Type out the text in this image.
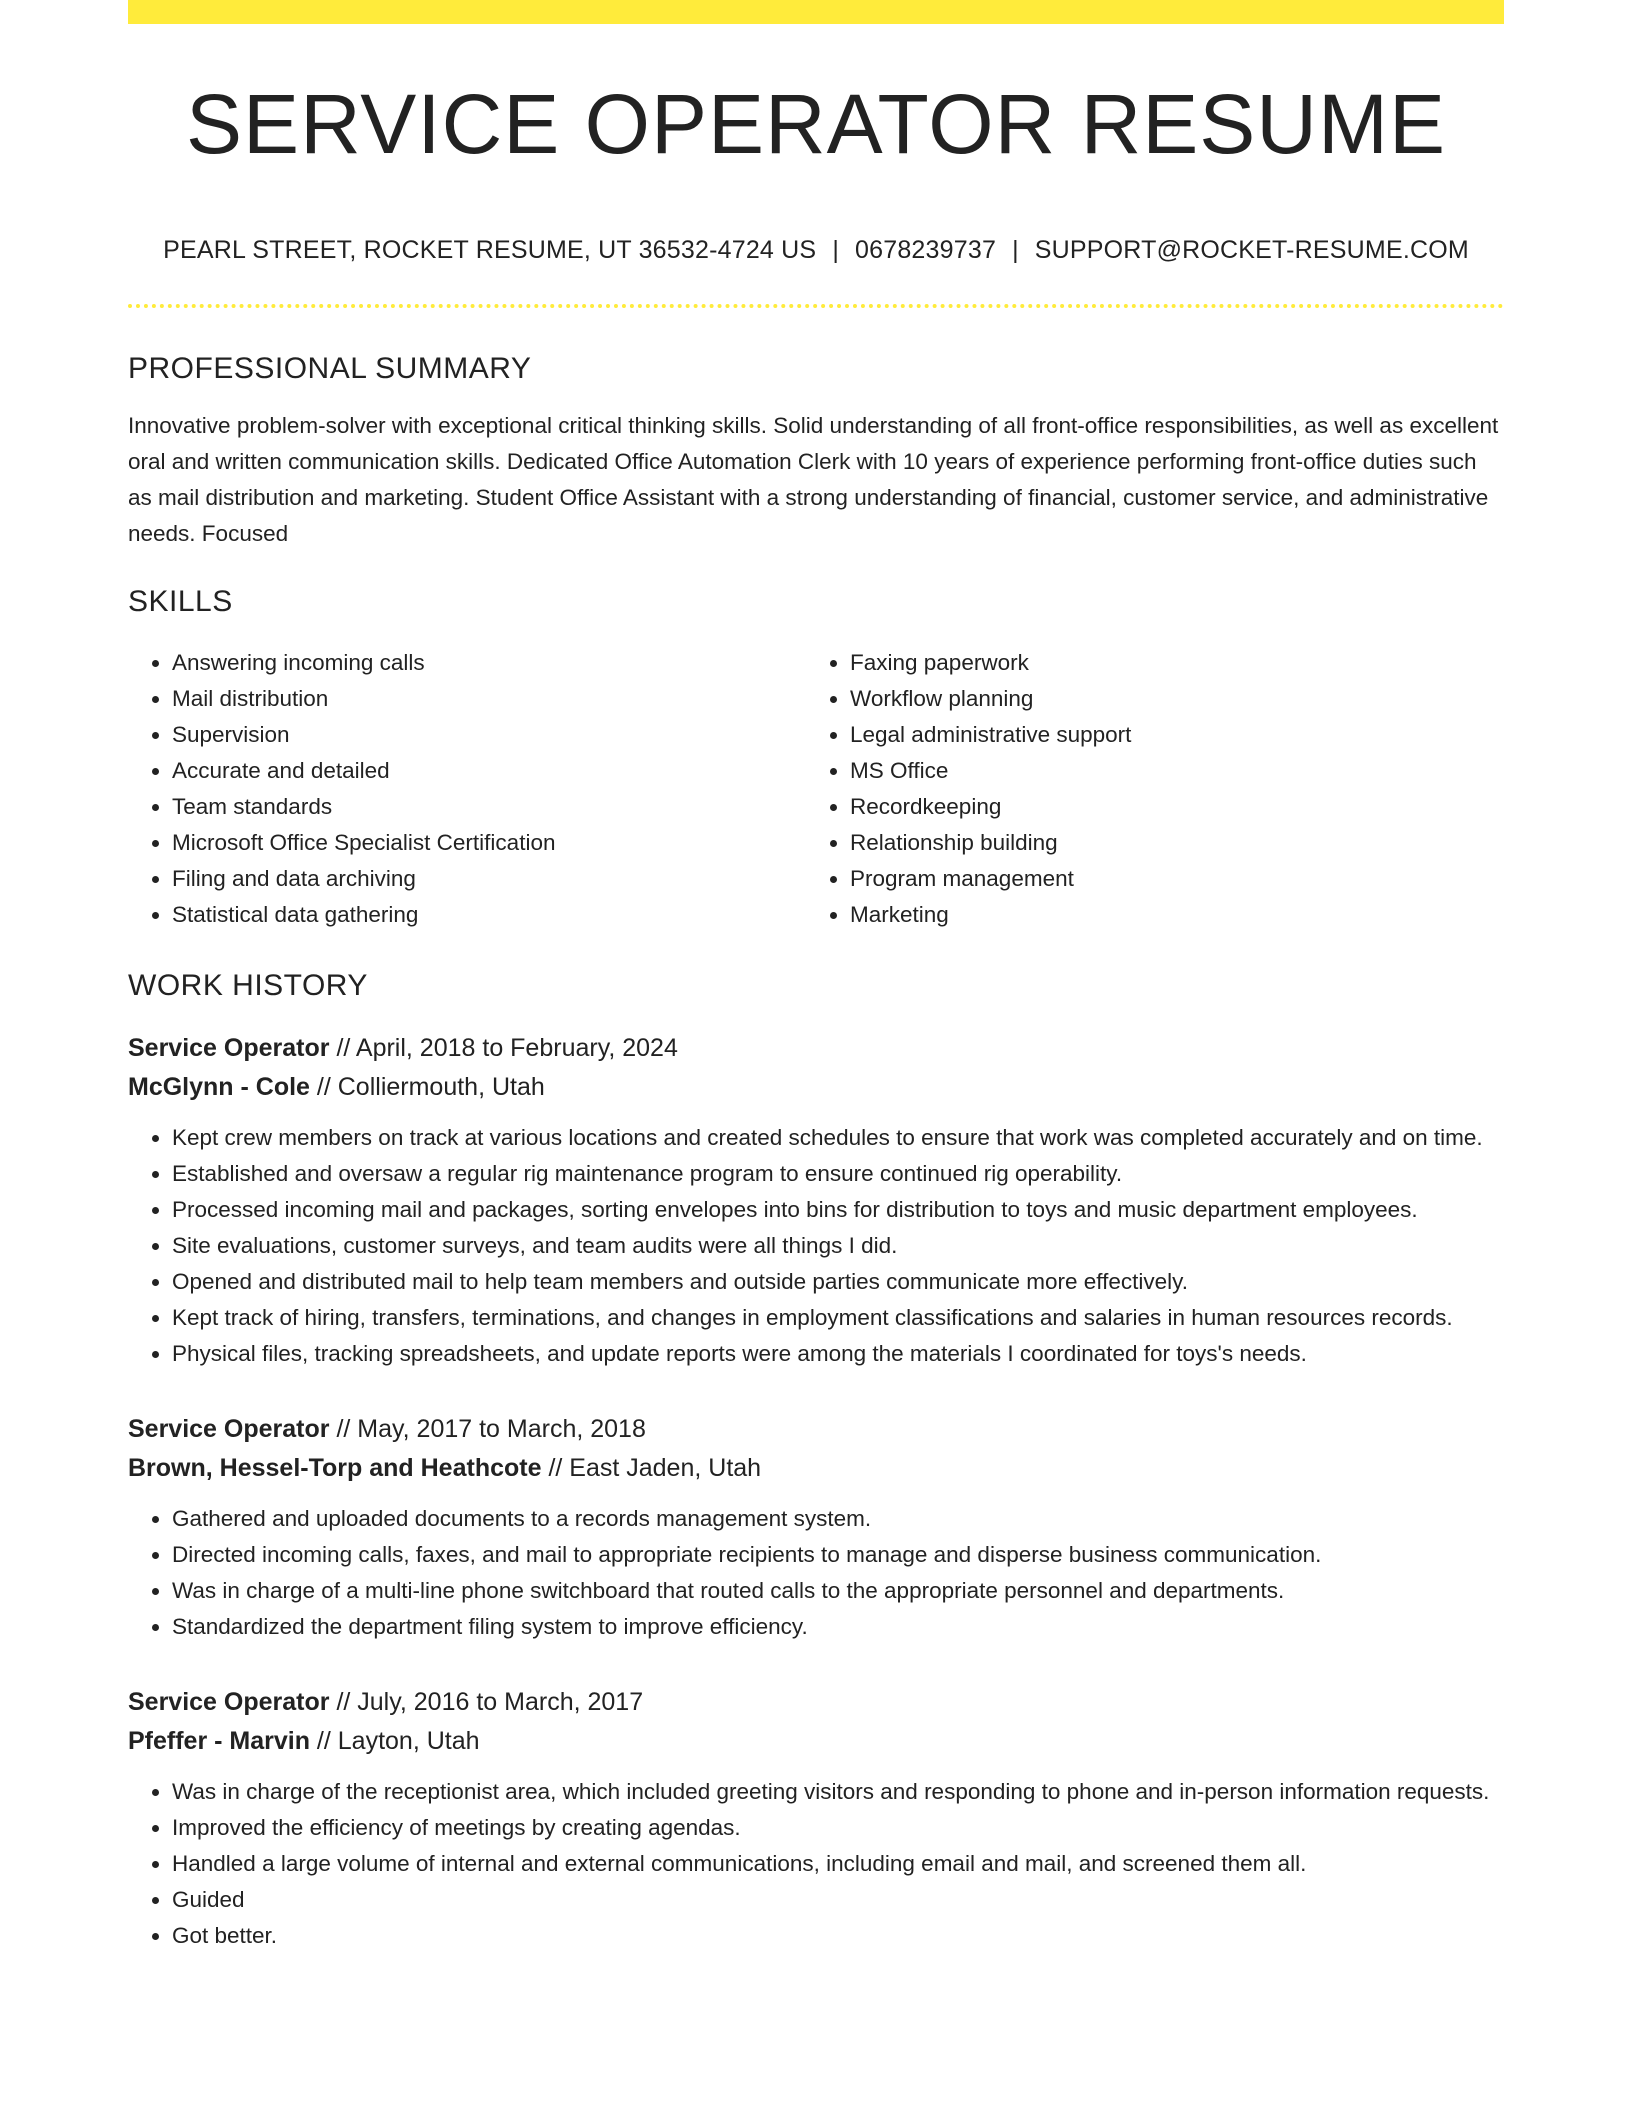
SERVICE OPERATOR RESUME
PEARL STREET, ROCKET RESUME, UT 36532-4724 US | 0678239737 | SUPPORT@ROCKET-RESUME.COM
PROFESSIONAL SUMMARY
Innovative problem-solver with exceptional critical thinking skills. Solid understanding of all front-office responsibilities, as well as excellent oral and written communication skills. Dedicated Office Automation Clerk with 10 years of experience performing front-office duties such as mail distribution and marketing. Student Office Assistant with a strong understanding of financial, customer service, and administrative needs. Focused
SKILLS
• Answering incoming calls
• Mail distribution
• Supervision
• Accurate and detailed
• Team standards
• Microsoft Office Specialist Certification
• Filing and data archiving
• Statistical data gathering
• Faxing paperwork
• Workflow planning
• Legal administrative support
• MS Office
• Recordkeeping
• Relationship building
• Program management
• Marketing
WORK HISTORY
Service Operator // April, 2018 to February, 2024
McGlynn - Cole // Colliermouth, Utah
• Kept crew members on track at various locations and created schedules to ensure that work was completed accurately and on time.
• Established and oversaw a regular rig maintenance program to ensure continued rig operability.
• Processed incoming mail and packages, sorting envelopes into bins for distribution to toys and music department employees.
• Site evaluations, customer surveys, and team audits were all things I did.
• Opened and distributed mail to help team members and outside parties communicate more effectively.
• Kept track of hiring, transfers, terminations, and changes in employment classifications and salaries in human resources records.
• Physical files, tracking spreadsheets, and update reports were among the materials I coordinated for toys's needs.
Service Operator // May, 2017 to March, 2018
Brown, Hessel-Torp and Heathcote // East Jaden, Utah
• Gathered and uploaded documents to a records management system.
• Directed incoming calls, faxes, and mail to appropriate recipients to manage and disperse business communication.
• Was in charge of a multi-line phone switchboard that routed calls to the appropriate personnel and departments.
• Standardized the department filing system to improve efficiency.
Service Operator // July, 2016 to March, 2017
Pfeffer - Marvin // Layton, Utah
• Was in charge of the receptionist area, which included greeting visitors and responding to phone and in-person information requests.
• Improved the efficiency of meetings by creating agendas.
• Handled a large volume of internal and external communications, including email and mail, and screened them all.
• Guided
• Got better.
